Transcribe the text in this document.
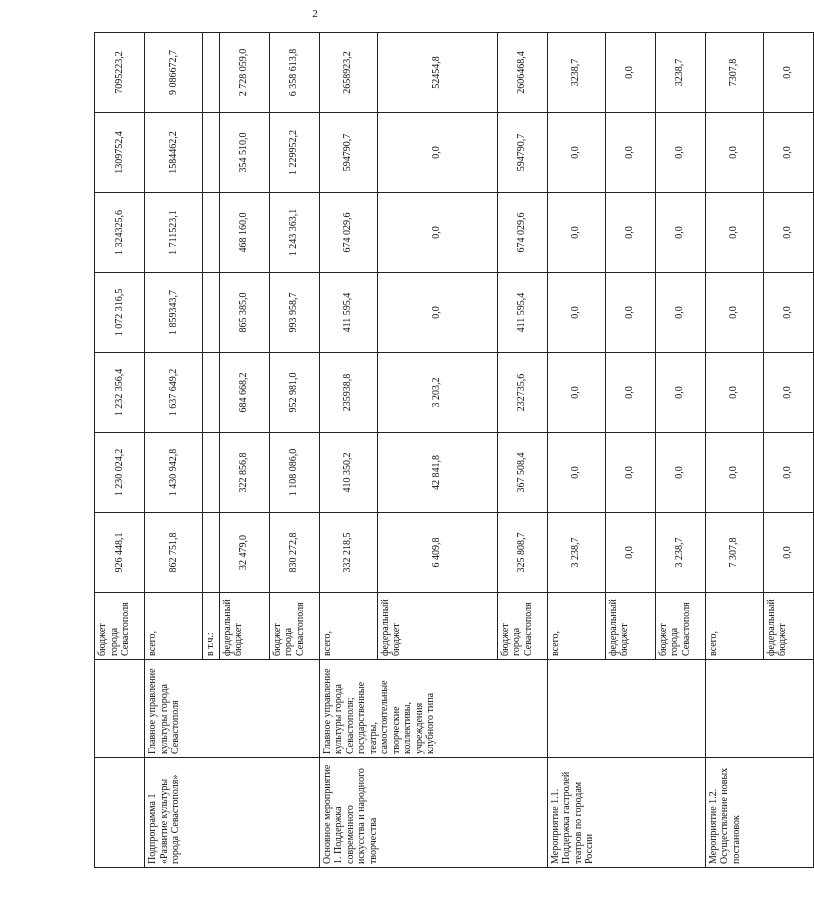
2
		бюджет города Севастополя	926 448,1	1 230 024,2	1 232 356,4	1 072 316,5	1 324325,6	1309752,4	7095223,2
Подпрограмма 1 «Развитие культуры города Севастополя»	Главное управление культуры города Севастополя	всего,	862 751,8	1 430 942,8	1 637 649,2	1 859343,7	1 711523,1	1584462,2	9 086672,7
		в т.ч.:							
		федеральный бюджет	32 479,0	322 856,8	684 668,2	865 385,0	468 160,0	354 510,0	2 728 059,0
		бюджет города Севастополя	830 272,8	1 108 086,0	952 981,0	993 958,7	1 243 363,1	1 229952,2	6 358 613,8
Основное мероприятие 1. Поддержка современного искусства и народного творчества	Главное управление культуры города Севастополя; государственные театры, самостоятельные творческие коллективы, учреждения клубного типа	всего,	332 218,5	410 350,2	235938,8	411 595,4	674 029,6	594790,7	2658923,2
		федеральный бюджет	6 409,8	42 841,8	3 203,2	0,0	0,0	0,0	52454,8
		бюджет города Севастополя	325 808,7	367 508,4	232735,6	411 595,4	674 029,6	594790,7	2606468,4
Мероприятие 1.1. Поддержка гастролей театров по городам России		всего,	3 238,7	0,0	0,0	0,0	0,0	0,0	3238,7
		федеральный бюджет	0,0	0,0	0,0	0,0	0,0	0,0	0,0
		бюджет города Севастополя	3 238,7	0,0	0,0	0,0	0,0	0,0	3238,7
Мероприятие 1.2. Осуществление новых постановок		всего,	7 307,8	0,0	0,0	0,0	0,0	0,0	7307,8
		федеральный бюджет	0,0	0,0	0,0	0,0	0,0	0,0	0,0
